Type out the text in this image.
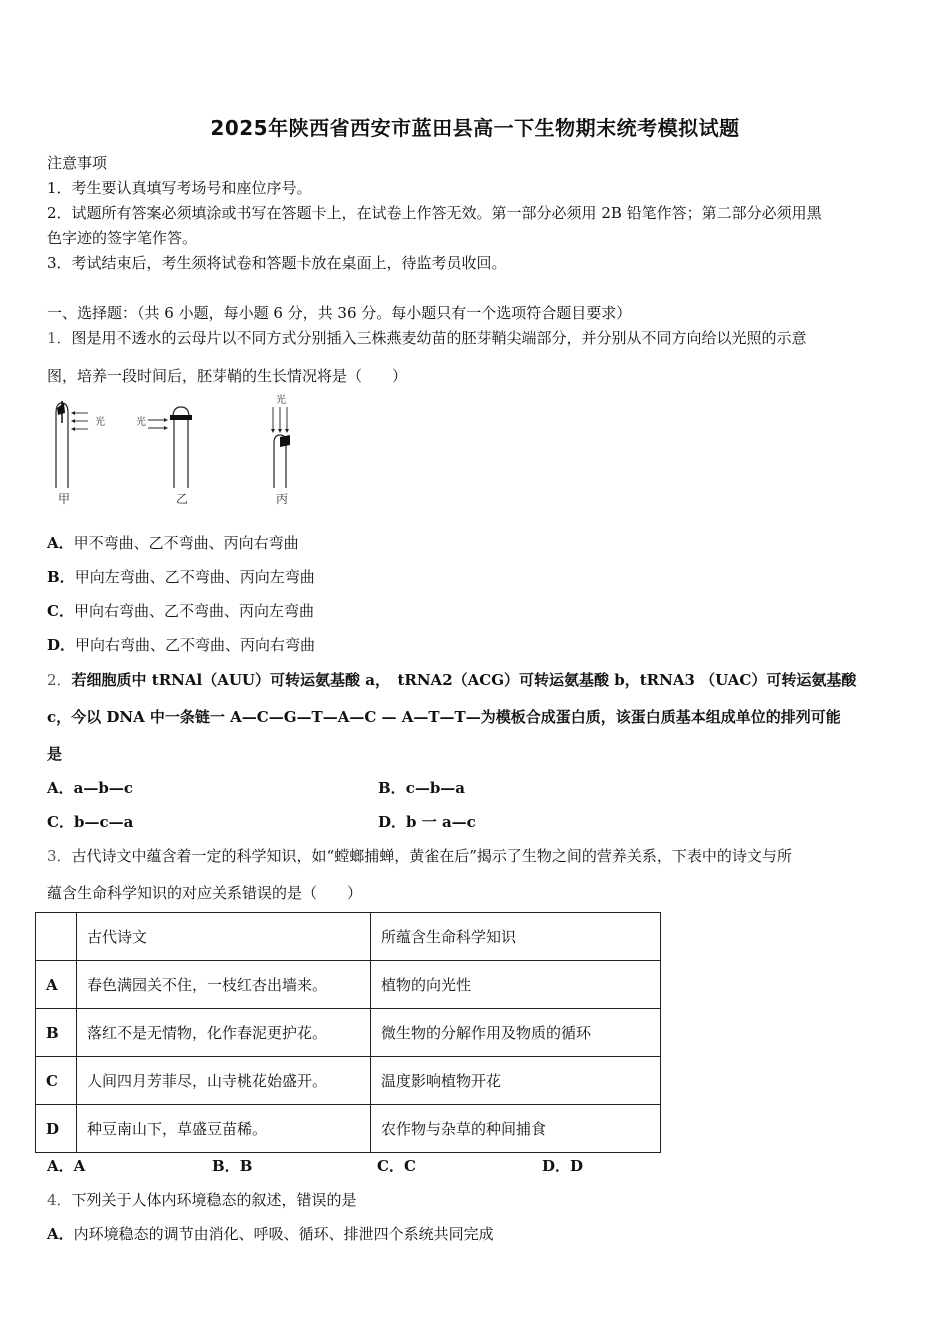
2025年陕西省西安市蓝田县高一下生物期末统考模拟试题
注意事项
1．考生要认真填写考场号和座位序号。
2．试题所有答案必须填涂或书写在答题卡上，在试卷上作答无效。第一部分必须用 2B 铅笔作答；第二部分必须用黑
色字迹的签字笔作答。
3．考试结束后，考生须将试卷和答题卡放在桌面上，待监考员收回。
一、选择题：（共 6 小题，每小题 6 分，共 36 分。每小题只有一个选项符合题目要求）
1．图是用不透水的云母片以不同方式分别插入三株燕麦幼苗的胚芽鞘尖端部分，并分别从不同方向给以光照的示意
图，培养一段时间后，胚芽鞘的生长情况将是（　　）
光
甲
光
乙
光
丙
A．甲不弯曲、乙不弯曲、丙向右弯曲
B．甲向左弯曲、乙不弯曲、丙向左弯曲
C．甲向右弯曲、乙不弯曲、丙向左弯曲
D．甲向右弯曲、乙不弯曲、丙向右弯曲
2．若细胞质中 tRNAl（AUU）可转运氨基酸 a，　tRNA2（ACG）可转运氨基酸 b，tRNA3 （UAC）可转运氨基酸
c，今以 DNA 中一条链一 A—C—G—T—A—C — A—T—T—为模板合成蛋白质，该蛋白质基本组成单位的排列可能
是
A．a—b—c	B．c—b—a
C．b—c—a	D．b 一 a—c
3．古代诗文中蕴含着一定的科学知识，如“螳螂捕蝉，黄雀在后”揭示了生物之间的营养关系，下表中的诗文与所
蕴含生命科学知识的对应关系错误的是（　　）
	古代诗文	所蕴含生命科学知识
A	春色满园关不住，一枝红杏出墙来。	植物的向光性
B	落红不是无情物，化作春泥更护花。	微生物的分解作用及物质的循环
C	人间四月芳菲尽，山寺桃花始盛开。	温度影响植物开花
D	种豆南山下，草盛豆苗稀。	农作物与杂草的种间捕食
A．A	B．B	C．C	D．D
4．下列关于人体内环境稳态的叙述，错误的是
A．内环境稳态的调节由消化、呼吸、循环、排泄四个系统共同完成
